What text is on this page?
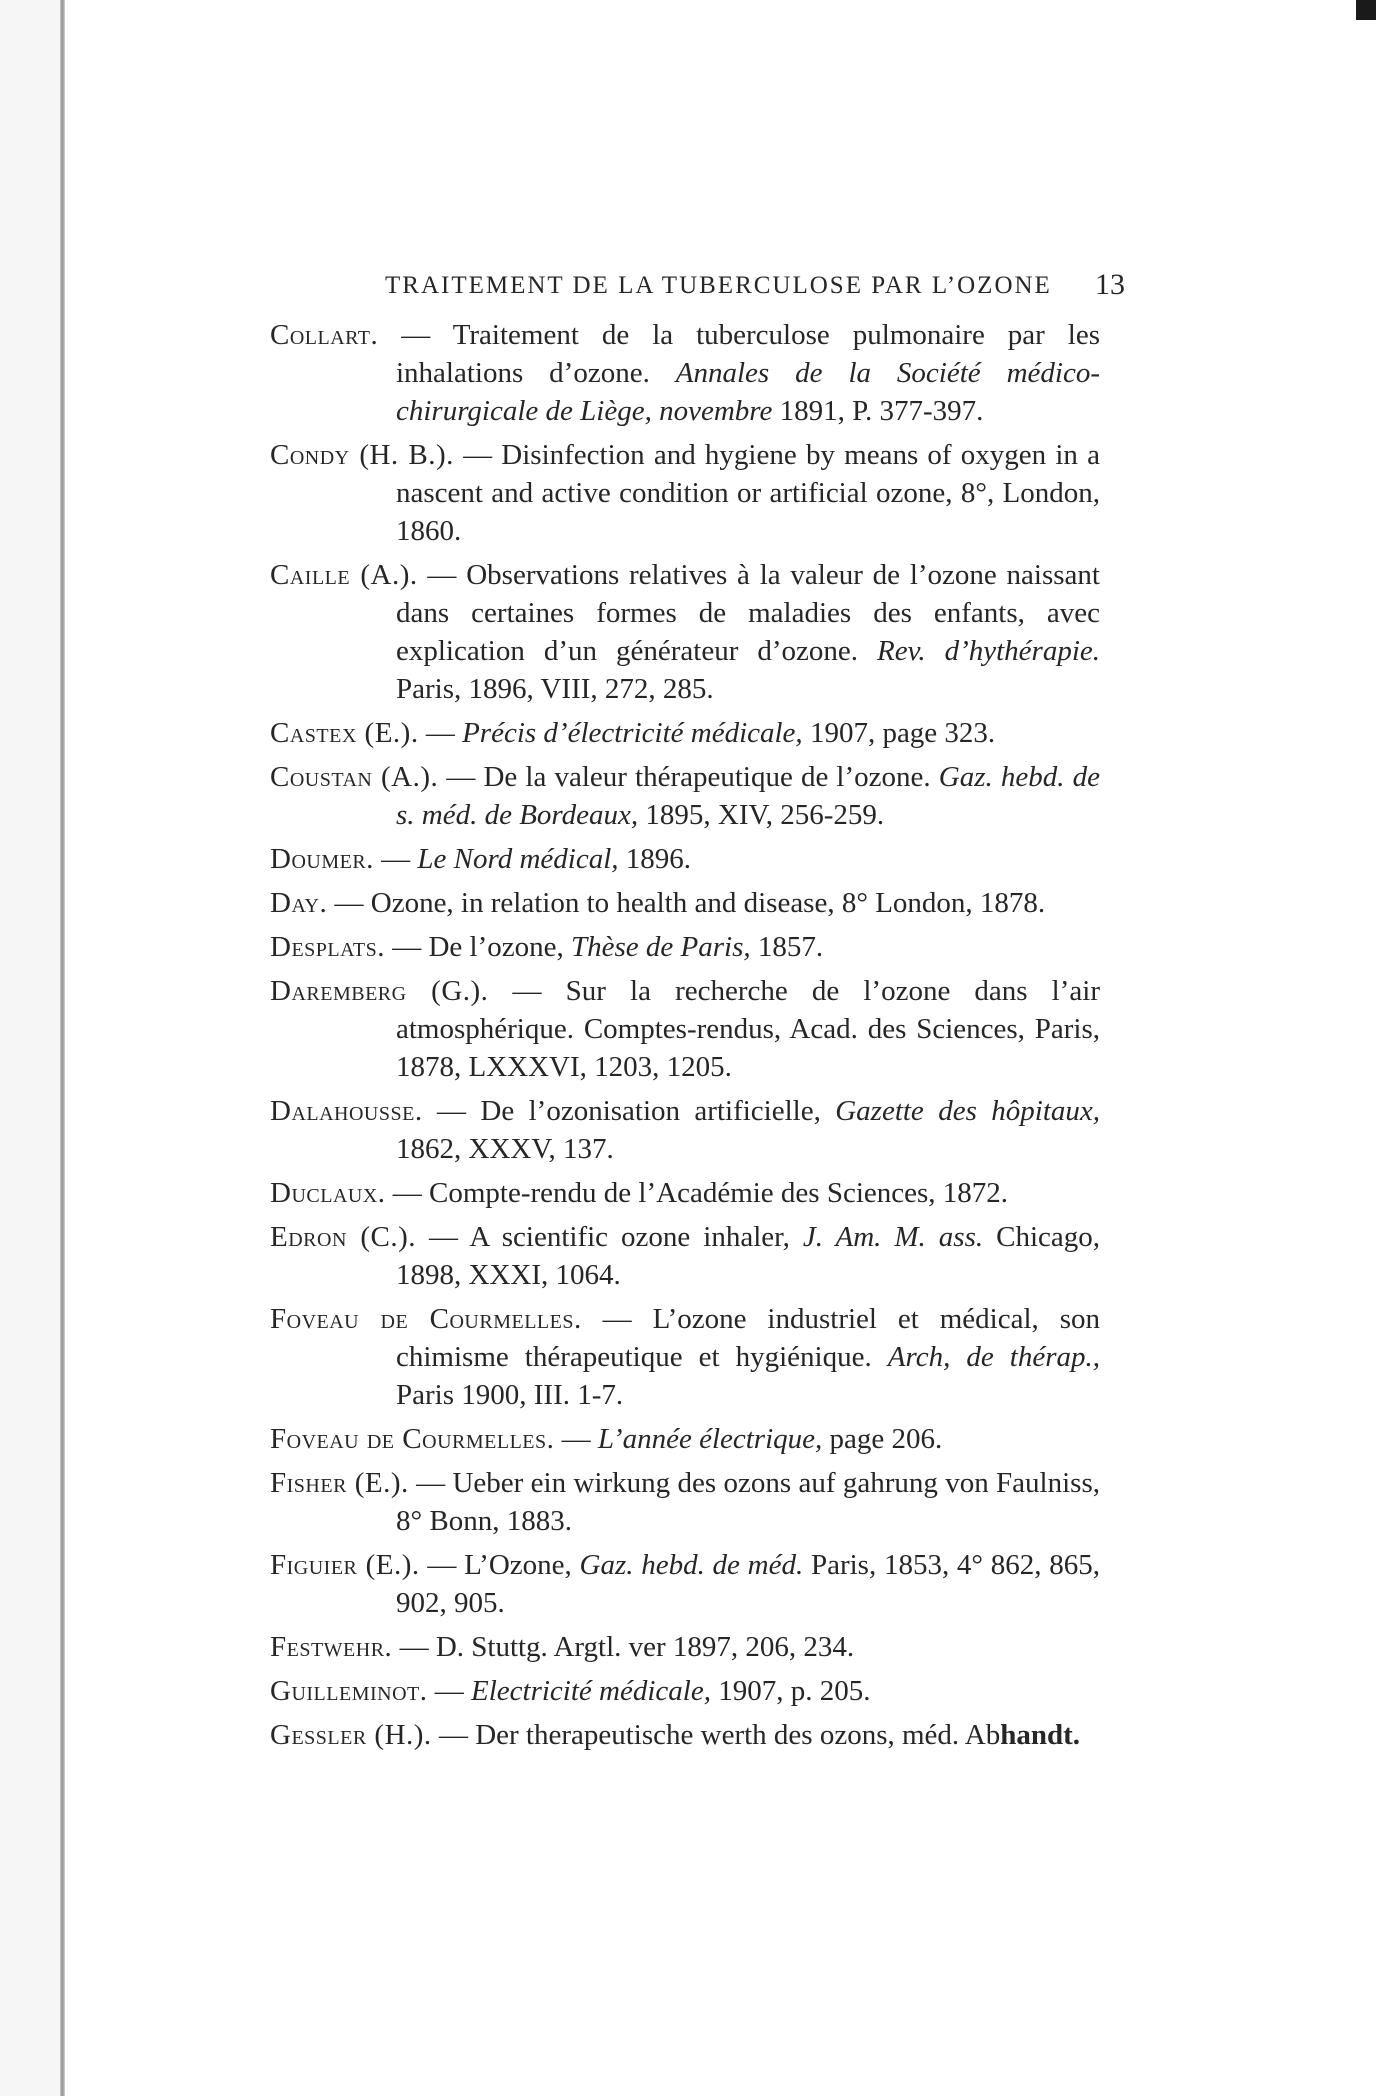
TRAITEMENT DE LA TUBERCULOSE PAR L’OZONE 13
Collart. — Traitement de la tuberculose pulmonaire par les inhalations d’ozone. Annales de la Société médico-chirurgicale de Liège, novembre 1891, P. 377-397.
Condy (H. B.). — Disinfection and hygiene by means of oxygen in a nascent and active condition or artificial ozone, 8°, London, 1860.
Caille (A.). — Observations relatives à la valeur de l’ozone naissant dans certaines formes de maladies des enfants, avec explication d’un générateur d’ozone. Rev. d’hythérapie. Paris, 1896, VIII, 272, 285.
Castex (E.). — Précis d’électricité médicale, 1907, page 323.
Coustan (A.). — De la valeur thérapeutique de l’ozone. Gaz. hebd. de s. méd. de Bordeaux, 1895, XIV, 256-259.
Doumer. — Le Nord médical, 1896.
Day. — Ozone, in relation to health and disease, 8° London, 1878.
Desplats. — De l’ozone, Thèse de Paris, 1857.
Daremberg (G.). — Sur la recherche de l’ozone dans l’air atmosphérique. Comptes-rendus, Acad. des Sciences, Paris, 1878, LXXXVI, 1203, 1205.
Dalahousse. — De l’ozonisation artificielle, Gazette des hôpitaux, 1862, XXXV, 137.
Duclaux. — Compte-rendu de l’Académie des Sciences, 1872.
Edron (C.). — A scientific ozone inhaler, J. Am. M. ass. Chicago, 1898, XXXI, 1064.
Foveau de Courmelles. — L’ozone industriel et médical, son chimisme thérapeutique et hygiénique. Arch, de thérap., Paris 1900, III. 1-7.
Foveau de Courmelles. — L’année électrique, page 206.
Fisher (E.). — Ueber ein wirkung des ozons auf gahrung von Faulniss, 8° Bonn, 1883.
Figuier (E.). — L’Ozone, Gaz. hebd. de méd. Paris, 1853, 4° 862, 865, 902, 905.
Festwehr. — D. Stuttg. Argtl. ver 1897, 206, 234.
Guilleminot. — Electricité médicale, 1907, p. 205.
Gessler (H.). — Der therapeutische werth des ozons, méd. Abhandt.
